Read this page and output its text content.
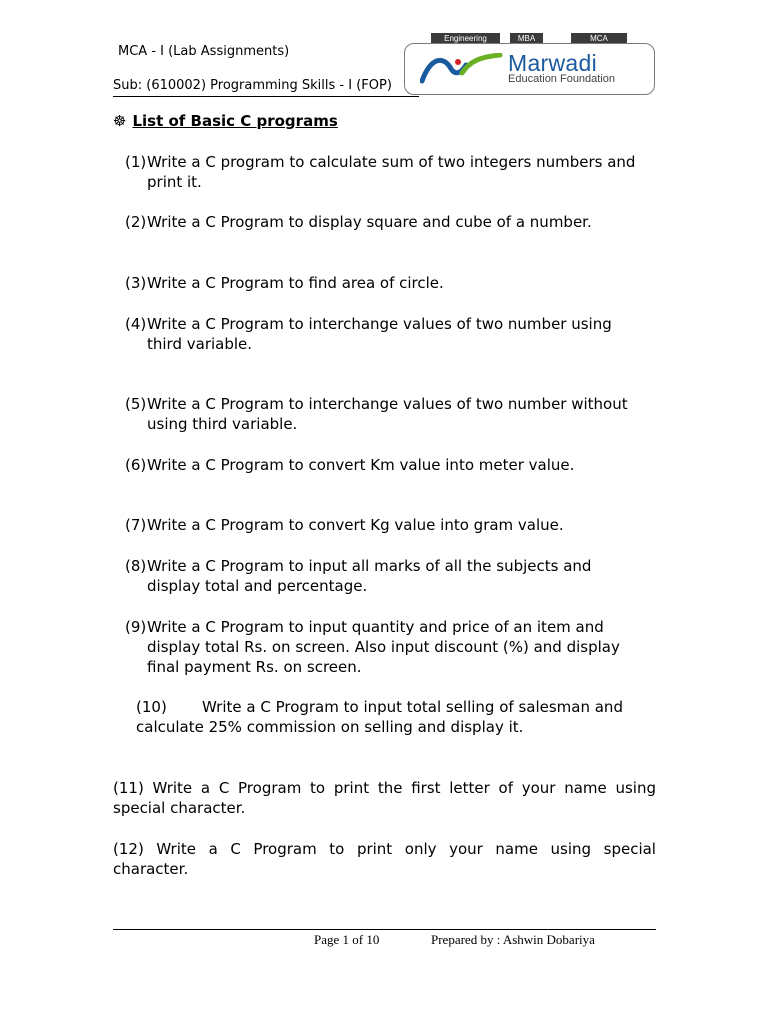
MCA - I (Lab Assignments)
Sub: (610002) Programming Skills - I (FOP)
Engineering	MBA	MCA
Marwadi
Education Foundation
☸ List of Basic C programs
(1)Write a C program to calculate sum of two integers numbers and
print it.
(2)Write a C Program to display square and cube of a number.
(3)Write a C Program to find area of circle.
(4)Write a C Program to interchange values of two number using
third variable.
(5)Write a C Program to interchange values of two number without
using third variable.
(6)Write a C Program to convert Km value into meter value.
(7)Write a C Program to convert Kg value into gram value.
(8)Write a C Program to input all marks of all the subjects and
display total and percentage.
(9)Write a C Program to input quantity and price of an item and
display total Rs. on screen. Also input discount (%) and display
final payment Rs. on screen.
(10) Write a C Program to input total selling of salesman and
calculate 25% commission on selling and display it.
(11) Write a C Program to print the first letter of your name using
special character.
(12) Write a C Program to print only your name using special
character.
Page 1 of 10	Prepared by : Ashwin Dobariya
